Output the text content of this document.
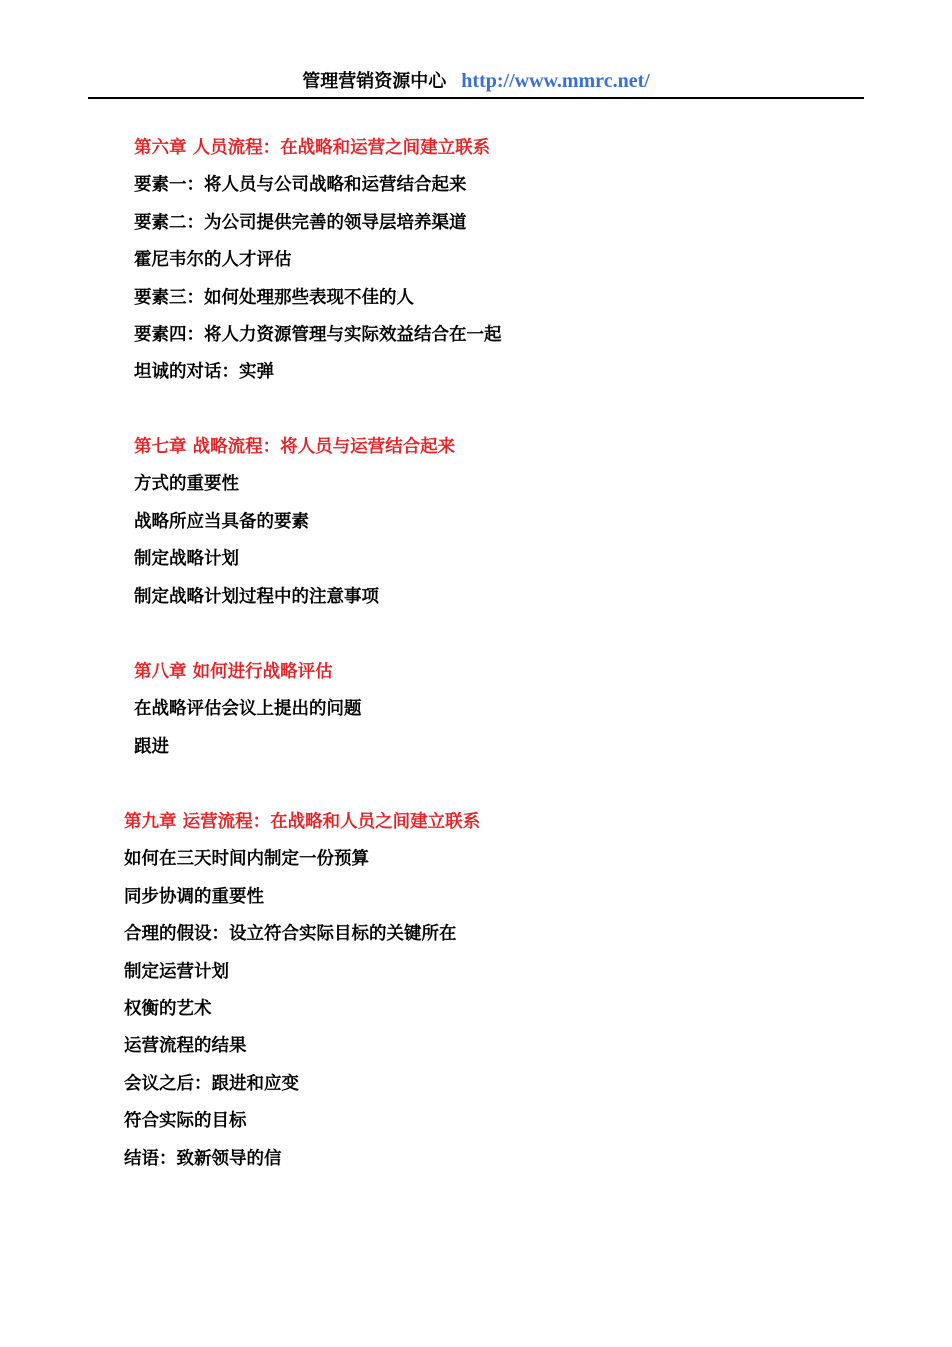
管理营销资源中心 http://www.mmrc.net/
第六章 人员流程：在战略和运营之间建立联系
要素一：将人员与公司战略和运营结合起来
要素二：为公司提供完善的领导层培养渠道
霍尼韦尔的人才评估
要素三：如何处理那些表现不佳的人
要素四：将人力资源管理与实际效益结合在一起
坦诚的对话：实弹
第七章 战略流程：将人员与运营结合起来
方式的重要性
战略所应当具备的要素
制定战略计划
制定战略计划过程中的注意事项
第八章 如何进行战略评估
在战略评估会议上提出的问题
跟进
第九章 运营流程：在战略和人员之间建立联系
如何在三天时间内制定一份预算
同步协调的重要性
合理的假设：设立符合实际目标的关键所在
制定运营计划
权衡的艺术
运营流程的结果
会议之后：跟进和应变
符合实际的目标
结语：致新领导的信
